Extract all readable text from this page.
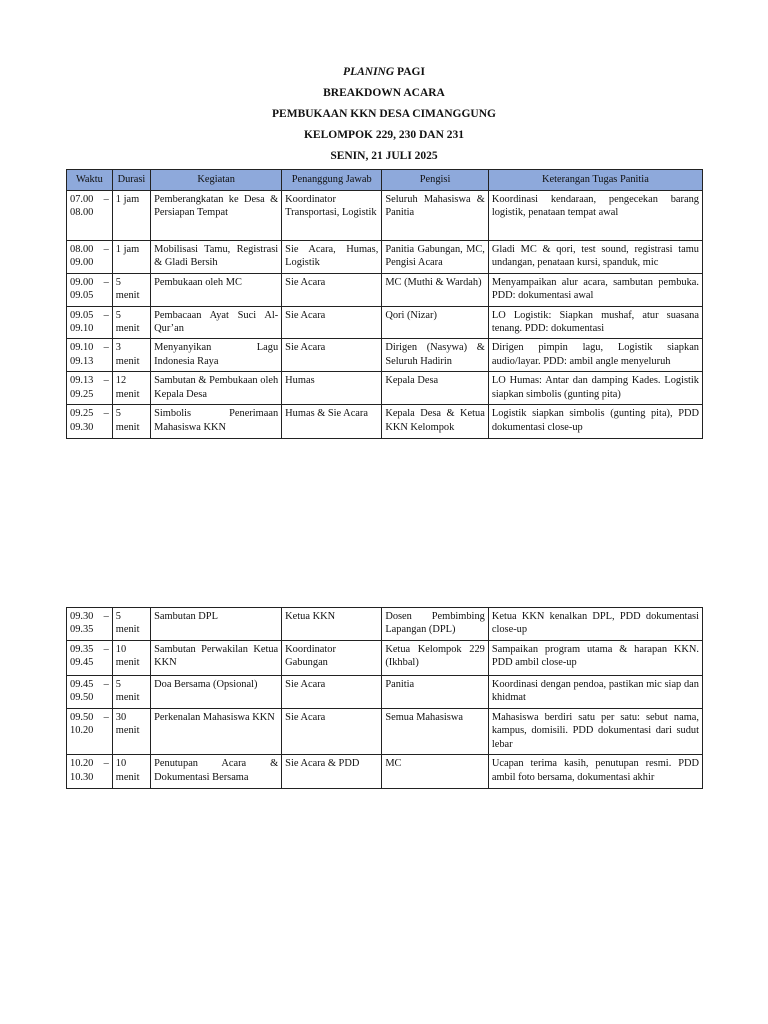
PLANING PAGI
BREAKDOWN ACARA
PEMBUKAAN KKN DESA CIMANGGUNG
KELOMPOK 229, 230 DAN 231
SENIN, 21 JULI 2025
Waktu	Durasi	Kegiatan	Penanggung Jawab	Pengisi	Keterangan Tugas Panitia
07.00 – 08.00	1 jam	Pemberangkatan ke Desa & Persiapan Tempat	Koordinator Transportasi, Logistik	Seluruh Mahasiswa & Panitia	Koordinasi kendaraan, pengecekan barang logistik, penataan tempat awal
08.00 – 09.00	1 jam	Mobilisasi Tamu, Registrasi & Gladi Bersih	Sie Acara, Humas, Logistik	Panitia Gabungan, MC, Pengisi Acara	Gladi MC & qori, test sound, registrasi tamu undangan, penataan kursi, spanduk, mic
09.00 – 09.05	5 menit	Pembukaan oleh MC	Sie Acara	MC (Muthi & Wardah)	Menyampaikan alur acara, sambutan pembuka. PDD: dokumentasi awal
09.05 – 09.10	5 menit	Pembacaan Ayat Suci Al-Qur’an	Sie Acara	Qori (Nizar)	LO Logistik: Siapkan mushaf, atur suasana tenang. PDD: dokumentasi
09.10 – 09.13	3 menit	Menyanyikan Lagu Indonesia Raya	Sie Acara	Dirigen (Nasywa) & Seluruh Hadirin	Dirigen pimpin lagu, Logistik siapkan audio/layar. PDD: ambil angle menyeluruh
09.13 – 09.25	12 menit	Sambutan & Pembukaan oleh Kepala Desa	Humas	Kepala Desa	LO Humas: Antar dan damping Kades. Logistik siapkan simbolis (gunting pita)
09.25 – 09.30	5 menit	Simbolis Penerimaan Mahasiswa KKN	Humas & Sie Acara	Kepala Desa & Ketua KKN Kelompok	Logistik siapkan simbolis (gunting pita), PDD dokumentasi close-up
09.30 – 09.35	5 menit	Sambutan DPL	Ketua KKN	Dosen Pembimbing Lapangan (DPL)	Ketua KKN kenalkan DPL, PDD dokumentasi close-up
09.35 – 09.45	10 menit	Sambutan Perwakilan Ketua KKN	Koordinator Gabungan	Ketua Kelompok 229 (Ikhbal)	Sampaikan program utama & harapan KKN. PDD ambil close-up
09.45 – 09.50	5 menit	Doa Bersama (Opsional)	Sie Acara	Panitia	Koordinasi dengan pendoa, pastikan mic siap dan khidmat
09.50 – 10.20	30 menit	Perkenalan Mahasiswa KKN	Sie Acara	Semua Mahasiswa	Mahasiswa berdiri satu per satu: sebut nama, kampus, domisili. PDD dokumentasi dari sudut lebar
10.20 – 10.30	10 menit	Penutupan Acara & Dokumentasi Bersama	Sie Acara & PDD	MC	Ucapan terima kasih, penutupan resmi. PDD ambil foto bersama, dokumentasi akhir
